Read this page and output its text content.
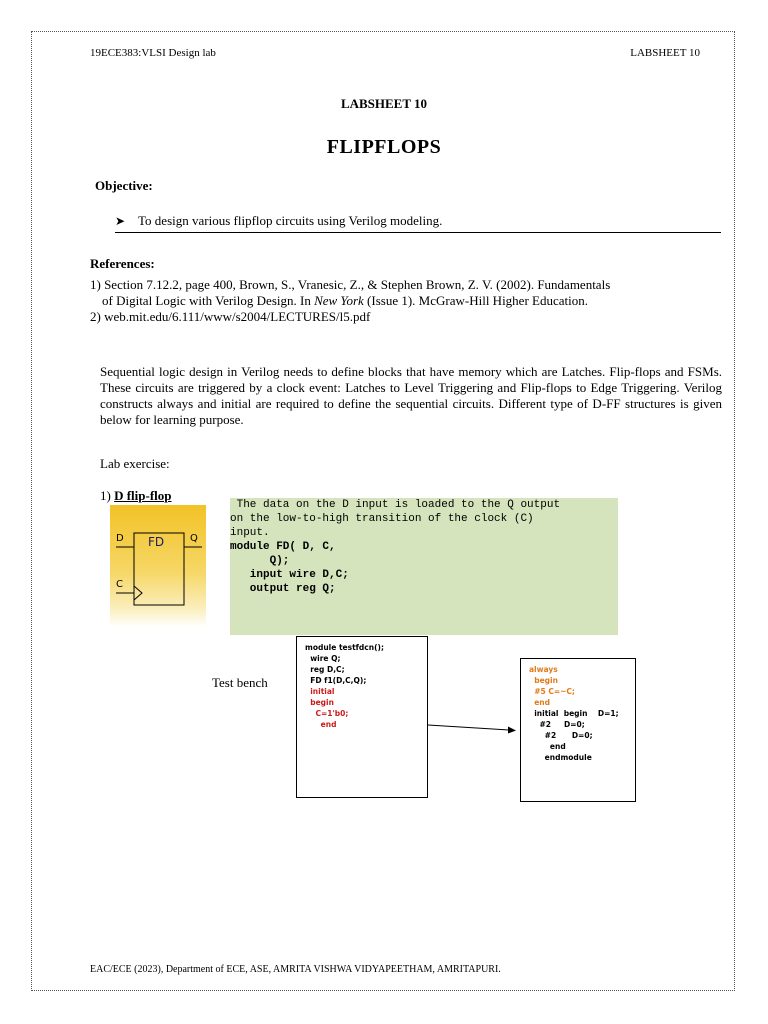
19ECE383:VLSI Design lab	LABSHEET 10
LABSHEET 10
FLIPFLOPS
Objective:
➤ To design various flipflop circuits using Verilog modeling.
References:
1) Section 7.12.2, page 400, Brown, S., Vranesic, Z., & Stephen Brown, Z. V. (2002). Fundamentals
of Digital Logic with Verilog Design. In New York (Issue 1). McGraw-Hill Higher Education.
2) web.mit.edu/6.111/www/s2004/LECTURES/l5.pdf
Sequential logic design in Verilog needs to define blocks that have memory which are Latches. Flip-flops and FSMs. These circuits are triggered by a clock event: Latches to Level Triggering and Flip-flops to Edge Triggering. Verilog constructs always and initial are required to define the sequential circuits. Different type of D-FF structures is given below for learning purpose.
Lab exercise:
1) D flip-flop
FD
D	Q
C
The data on the D input is loaded to the Q output
on the low-to-high transition of the clock (C)
input.
module FD( D, C,
Q);
input wire D,C;
output reg Q;
Test bench
module testfdcn();
wire Q;
reg D,C;
FD f1(D,C,Q);
initial
begin
C=1'b0;
end
always
begin
#5 C=~C;
end
initial  begin    D=1;
#2     D=0;
#2      D=0;
end
endmodule
EAC/ECE (2023), Department of ECE, ASE, AMRITA VISHWA VIDYAPEETHAM, AMRITAPURI.
